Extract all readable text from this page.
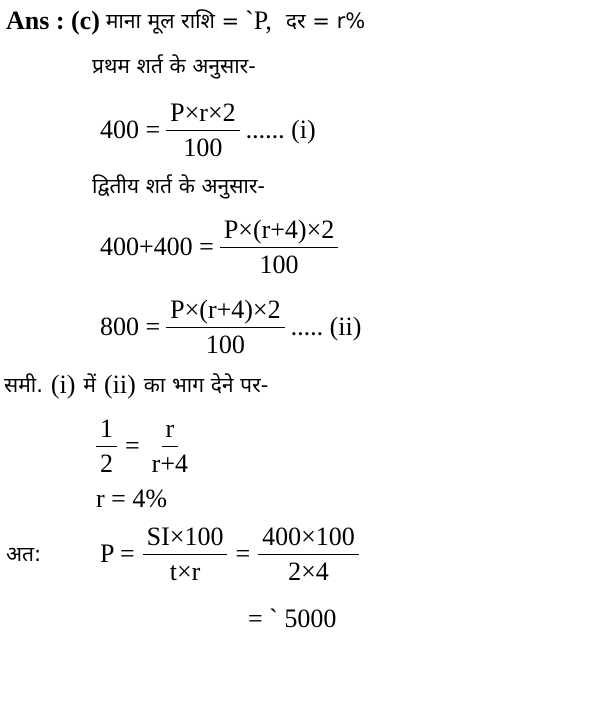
Ans : (c) माना मूल राशि = `P, दर = r%
प्रथम शर्त के अनुसार-
$400 = \frac{P\times r\times 2}{100}$ ...... (i)
द्वितीय शर्त के अनुसार-
$400+400 = \frac{P\times(r+4)\times 2}{100}$
$800 = \frac{P\times(r+4)\times 2}{100}$ ..... (ii)
समी. (i) में (ii) का भाग देने पर-
$\frac{1}{2} = \frac{r}{r+4}$
r = 4%
अत: $P = \frac{SI\times 100}{t\times r} = \frac{400\times 100}{2\times 4}$
= ` 5000
